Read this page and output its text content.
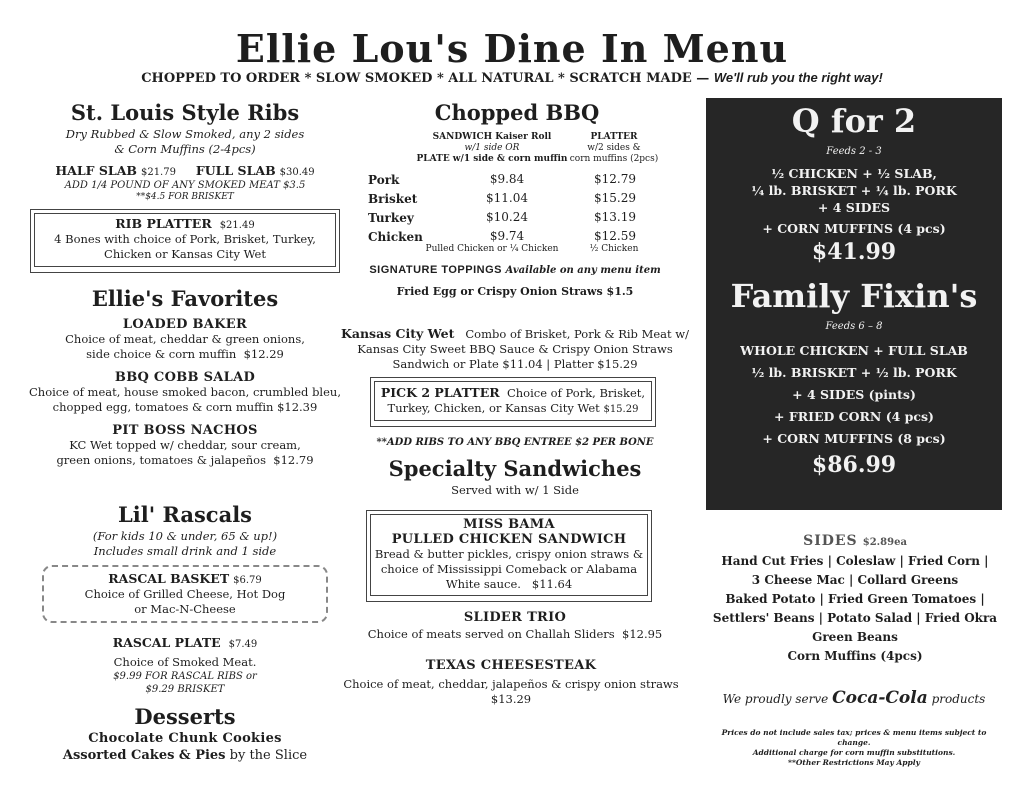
Ellie Lou's Dine In Menu
CHOPPED TO ORDER * SLOW SMOKED * ALL NATURAL * SCRATCH MADE — We'll rub you the right way!
St. Louis Style Ribs
Dry Rubbed & Slow Smoked, any 2 sides
& Corn Muffins (2-4pcs)
HALF SLAB $21.79 FULL SLAB $30.49
ADD 1/4 POUND OF ANY SMOKED MEAT $3.5
**$4.5 FOR BRISKET
RIB PLATTER $21.49
4 Bones with choice of Pork, Brisket, Turkey,
Chicken or Kansas City Wet
Ellie's Favorites
LOADED BAKER
Choice of meat, cheddar & green onions,
side choice & corn muffin $12.29
BBQ COBB SALAD
Choice of meat, house smoked bacon, crumbled bleu,
chopped egg, tomatoes & corn muffin $12.39
PIT BOSS NACHOS
KC Wet topped w/ cheddar, sour cream,
green onions, tomatoes & jalapeños $12.79
Lil' Rascals
(For kids 10 & under, 65 & up!)
Includes small drink and 1 side
RASCAL BASKET $6.79
Choice of Grilled Cheese, Hot Dog
or Mac-N-Cheese
RASCAL PLATE $7.49
Choice of Smoked Meat.
$9.99 FOR RASCAL RIBS or
$9.29 BRISKET
Desserts
Chocolate Chunk Cookies
Assorted Cakes & Pies by the Slice
Chopped BBQ
SANDWICH Kaiser Roll
w/1 side OR
PLATE w/1 side & corn muffin
PLATTER
w/2 sides &
corn muffins (2pcs)
Pork	$9.84	$12.79
Brisket	$11.04	$15.29
Turkey	$10.24	$13.19
Chicken	$9.74	$12.59
Pulled Chicken or ¼ Chicken	½ Chicken
SIGNATURE TOPPINGS Available on any menu item
Fried Egg or Crispy Onion Straws $1.5
Kansas City Wet Combo of Brisket, Pork & Rib Meat w/
Kansas City Sweet BBQ Sauce & Crispy Onion Straws
Sandwich or Plate $11.04 | Platter $15.29
PICK 2 PLATTER Choice of Pork, Brisket,
Turkey, Chicken, or Kansas City Wet $15.29
**ADD RIBS TO ANY BBQ ENTREE $2 PER BONE
Specialty Sandwiches
Served with w/ 1 Side
MISS BAMA
PULLED CHICKEN SANDWICH
Bread & butter pickles, crispy onion straws &
choice of Mississippi Comeback or Alabama
White sauce. $11.64
SLIDER TRIO
Choice of meats served on Challah Sliders $12.95
TEXAS CHEESESTEAK
Choice of meat, cheddar, jalapeños & crispy onion straws $13.29
Q for 2
Feeds 2 - 3
½ CHICKEN + ½ SLAB,
¼ lb. BRISKET + ¼ lb. PORK
+ 4 SIDES
+ CORN MUFFINS (4 pcs)
$41.99
Family Fixin's
Feeds 6 – 8
WHOLE CHICKEN + FULL SLAB
½ lb. BRISKET + ½ lb. PORK
+ 4 SIDES (pints)
+ FRIED CORN (4 pcs)
+ CORN MUFFINS (8 pcs)
$86.99
SIDES $2.89ea
Hand Cut Fries | Coleslaw | Fried Corn |
3 Cheese Mac | Collard Greens
Baked Potato | Fried Green Tomatoes |
Settlers' Beans | Potato Salad | Fried Okra
Green Beans
Corn Muffins (4pcs)
We proudly serve Coca-Cola products
Prices do not include sales tax; prices & menu items subject to change.
Additional charge for corn muffin substitutions.
**Other Restrictions May Apply
